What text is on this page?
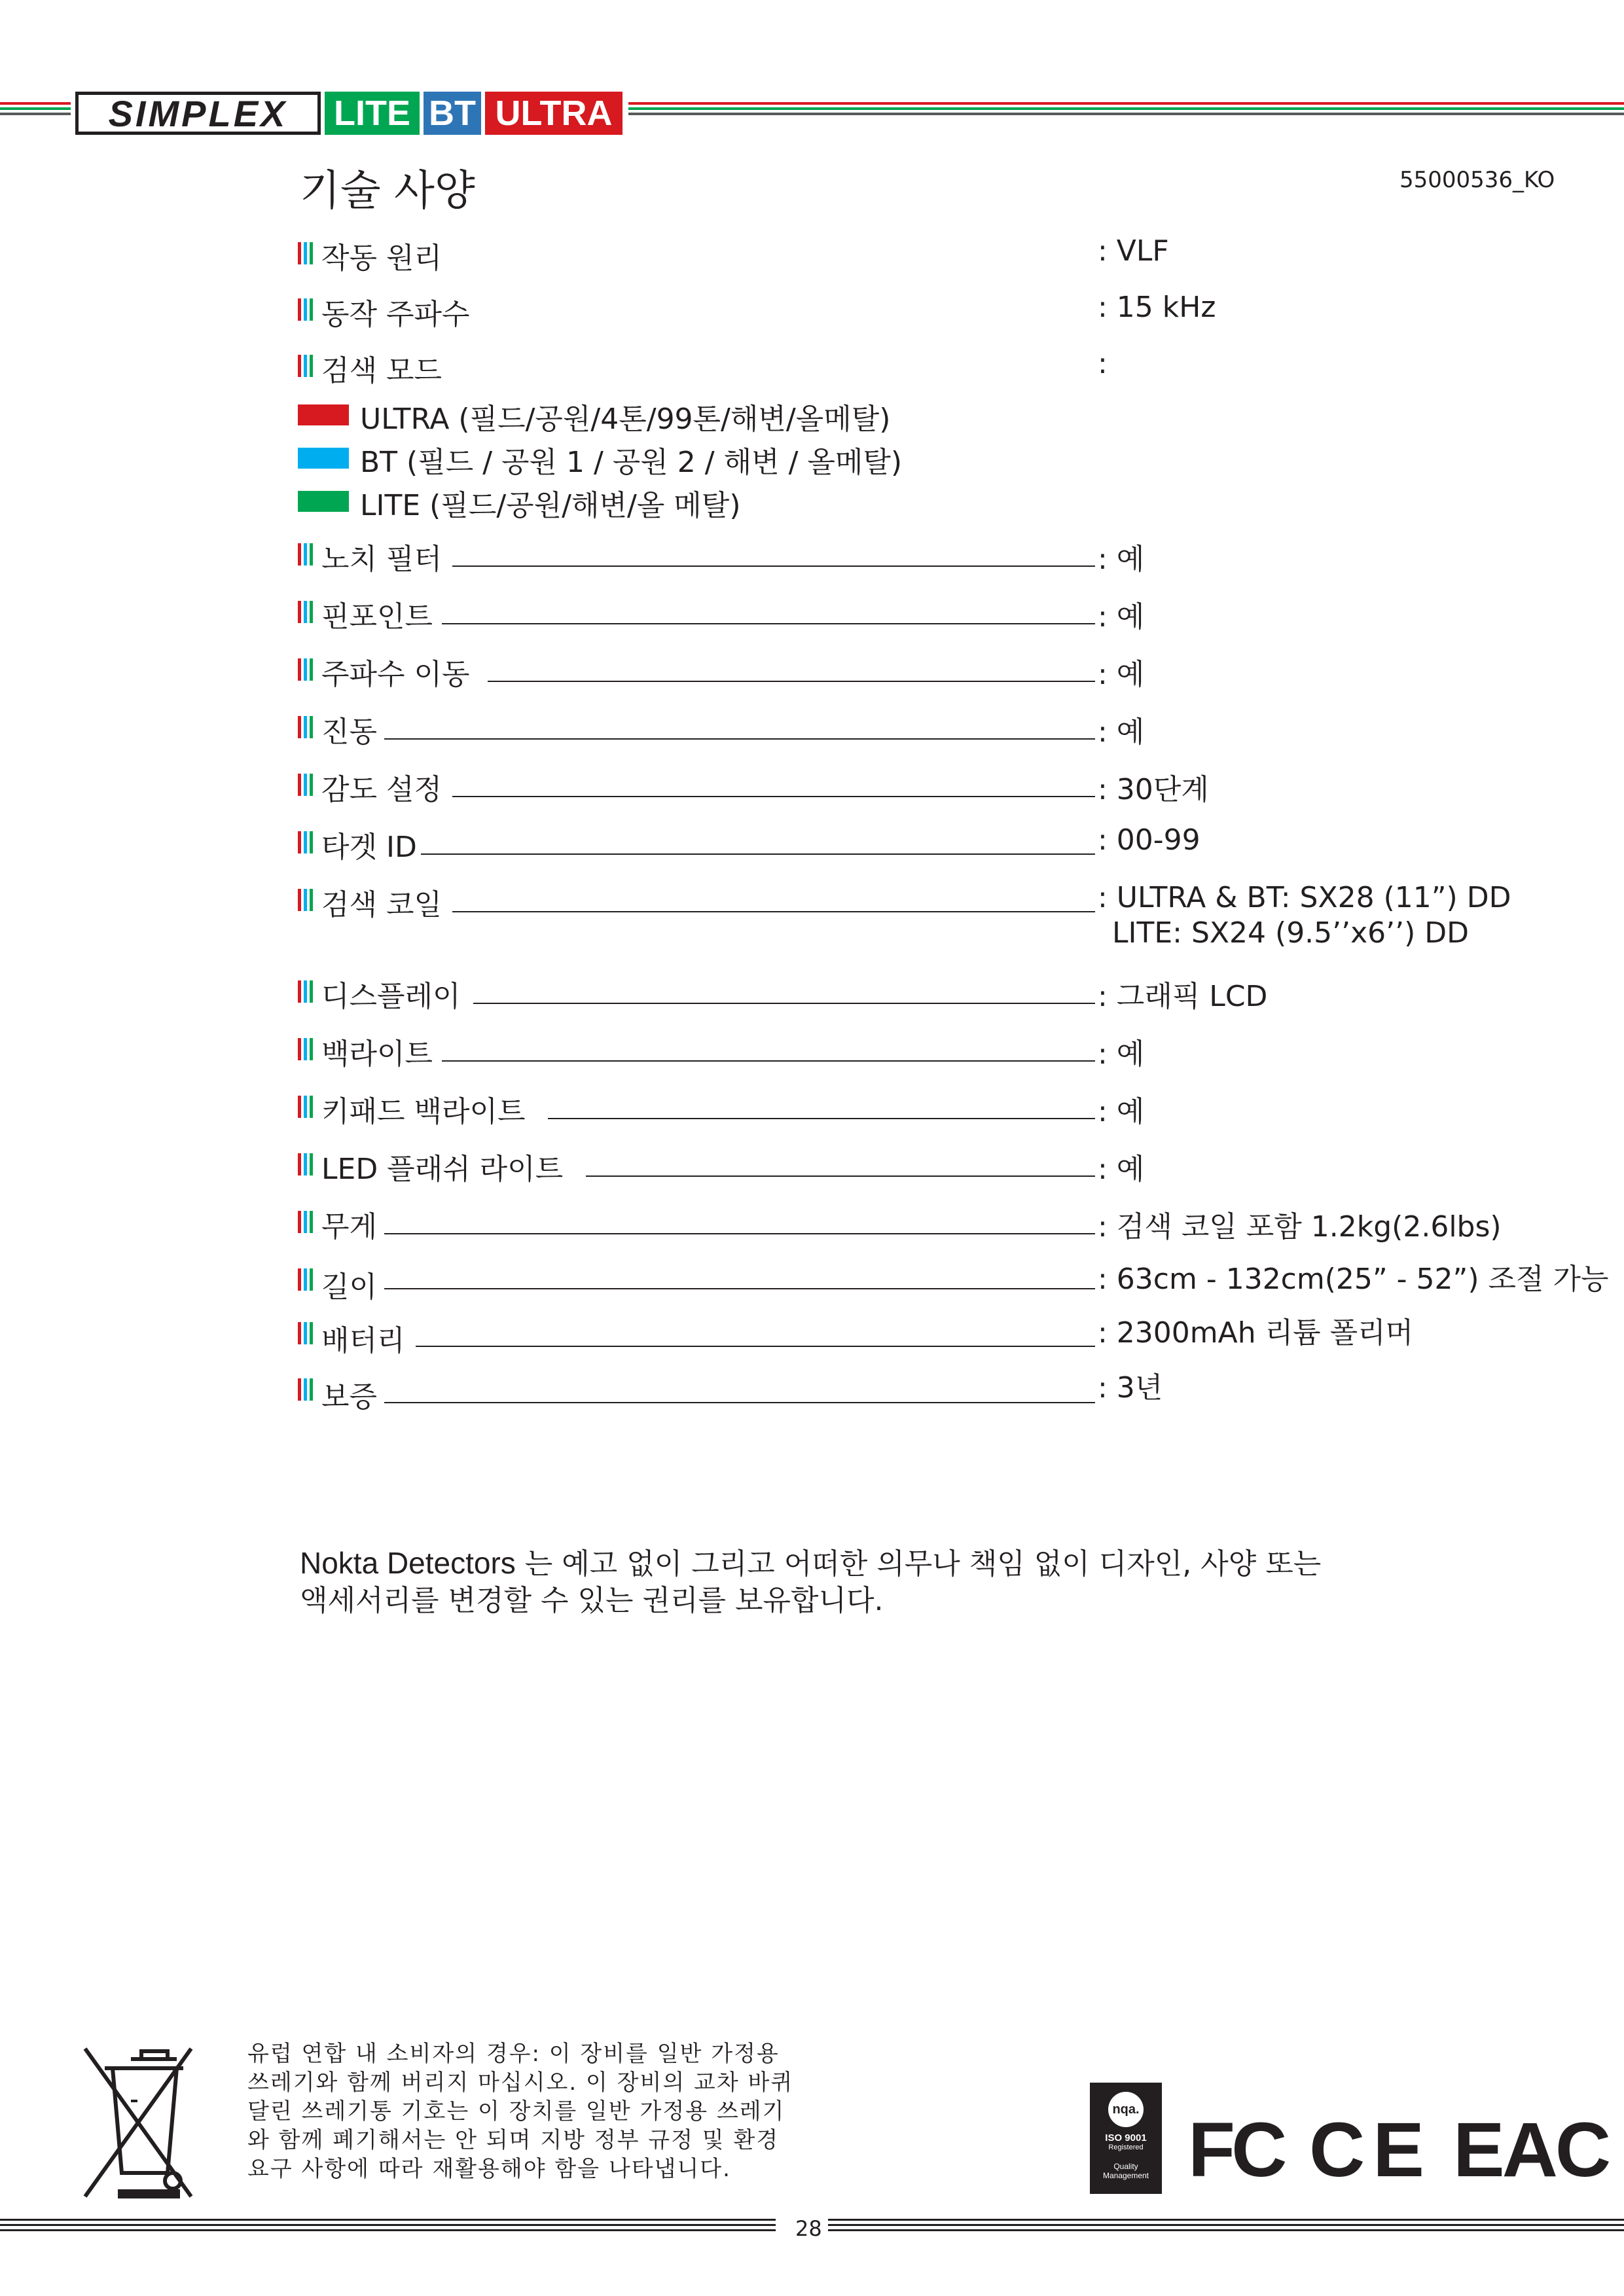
SIMPLEX	LITE BT ULTRA
기술 사양	55000536_KO
작동 원리	: VLF
동작 주파수	: 15 kHz
검색 모드	:
ULTRA (필드/공원/4톤/99톤/해변/올메탈)
BT (필드 / 공원 1 / 공원 2 / 해변 / 올메탈)
LITE (필드/공원/해변/올 메탈)
노치 필터	: 예
핀포인트	: 예
주파수 이동	: 예
진동	: 예
감도 설정	: 30단계
타겟 ID	: 00-99
검색 코일	: ULTRA & BT: SX28 (11”) DD
LITE: SX24 (9.5’’x6’’) DD
디스플레이	: 그래픽 LCD
백라이트	: 예
키패드 백라이트	: 예
LED 플래쉬 라이트	: 예
무게	: 검색 코일 포함 1.2kg(2.6lbs)
길이	: 63cm - 132cm(25” - 52”) 조절 가능
배터리	: 2300mAh 리튬 폴리머
보증	: 3년
Nokta Detectors 는 예고 없이 그리고 어떠한 의무나 책임 없이 디자인, 사양 또는 액세서리를 변경할 수 있는 권리를 보유합니다.
유럽 연합 내 소비자의 경우: 이 장비를 일반 가정용 쓰레기와 함께 버리지 마십시오. 이 장비의 교차 바퀴 달린 쓰레기통 기호는 이 장치를 일반 가정용 쓰레기와 함께 폐기해서는 안 되며 지방 정부 규정 및 환경 요구 사항에 따라 재활용해야 함을 나타냅니다.
nqa.
ISO 9001
Registered
Quality Management FC CE EAC
28
